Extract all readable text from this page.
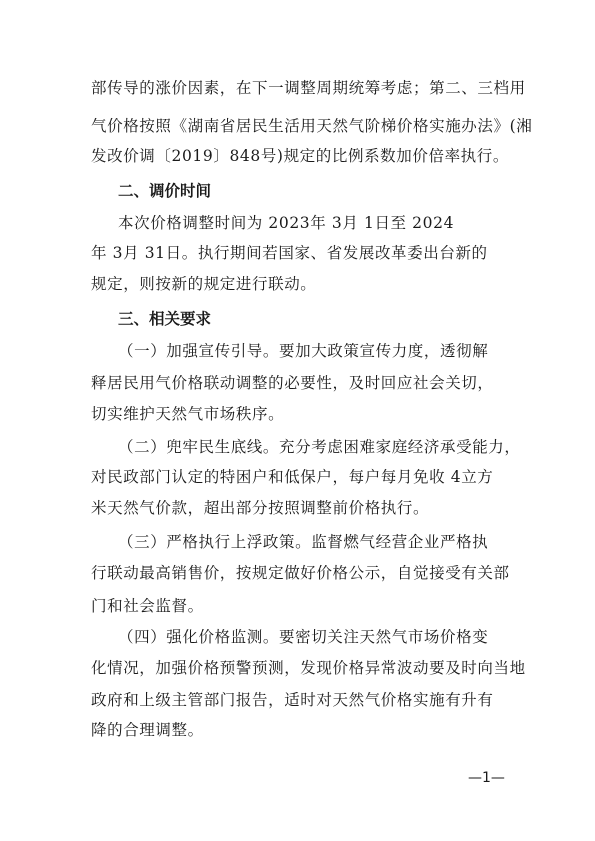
部传导的涨价因素，在下一调整周期统筹考虑；第二、三档用
气价格按照《湖南省居民生活用天然气阶梯价格实施办法》(湘
发改价调〔2019〕848号)规定的比例系数加价倍率执行。
二、调价时间
本次价格调整时间为 2023年 3月 1日至 2024
年 3月 31日。执行期间若国家、省发展改革委出台新的
规定，则按新的规定进行联动。
三、相关要求
（一）加强宣传引导。要加大政策宣传力度，透彻解
释居民用气价格联动调整的必要性，及时回应社会关切，
切实维护天然气市场秩序。
（二）兜牢民生底线。充分考虑困难家庭经济承受能力，
对民政部门认定的特困户和低保户，每户每月免收 4立方
米天然气价款，超出部分按照调整前价格执行。
（三）严格执行上浮政策。监督燃气经营企业严格执
行联动最高销售价，按规定做好价格公示，自觉接受有关部
门和社会监督。
（四）强化价格监测。要密切关注天然气市场价格变
化情况，加强价格预警预测，发现价格异常波动要及时向当地
政府和上级主管部门报告，适时对天然气价格实施有升有
降的合理调整。
—1—
